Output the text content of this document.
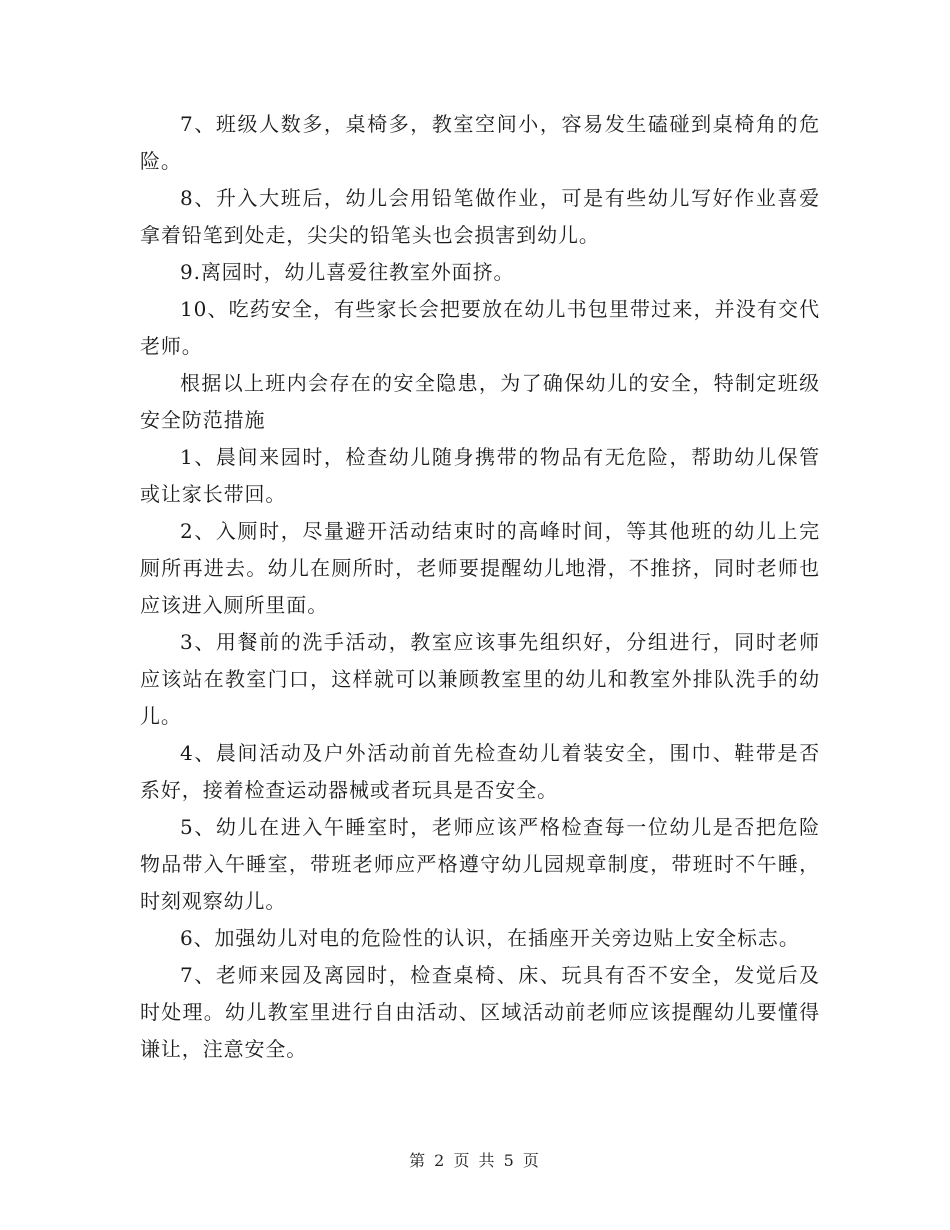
7、班级人数多，桌椅多，教室空间小，容易发生磕碰到桌椅角的危险。

8、升入大班后，幼儿会用铅笔做作业，可是有些幼儿写好作业喜爱拿着铅笔到处走，尖尖的铅笔头也会损害到幼儿。

9.离园时，幼儿喜爱往教室外面挤。

10、吃药安全，有些家长会把要放在幼儿书包里带过来，并没有交代老师。

根据以上班内会存在的安全隐患，为了确保幼儿的安全，特制定班级安全防范措施

1、晨间来园时，检查幼儿随身携带的物品有无危险，帮助幼儿保管或让家长带回。

2、入厕时，尽量避开活动结束时的高峰时间，等其他班的幼儿上完厕所再进去。幼儿在厕所时，老师要提醒幼儿地滑，不推挤，同时老师也应该进入厕所里面。

3、用餐前的洗手活动，教室应该事先组织好，分组进行，同时老师应该站在教室门口，这样就可以兼顾教室里的幼儿和教室外排队洗手的幼儿。

4、晨间活动及户外活动前首先检查幼儿着装安全，围巾、鞋带是否系好，接着检查运动器械或者玩具是否安全。

5、幼儿在进入午睡室时，老师应该严格检查每一位幼儿是否把危险物品带入午睡室，带班老师应严格遵守幼儿园规章制度，带班时不午睡，时刻观察幼儿。

6、加强幼儿对电的危险性的认识，在插座开关旁边贴上安全标志。

7、老师来园及离园时，检查桌椅、床、玩具有否不安全，发觉后及时处理。幼儿教室里进行自由活动、区域活动前老师应该提醒幼儿要懂得谦让，注意安全。

第 2 页 共 5 页
